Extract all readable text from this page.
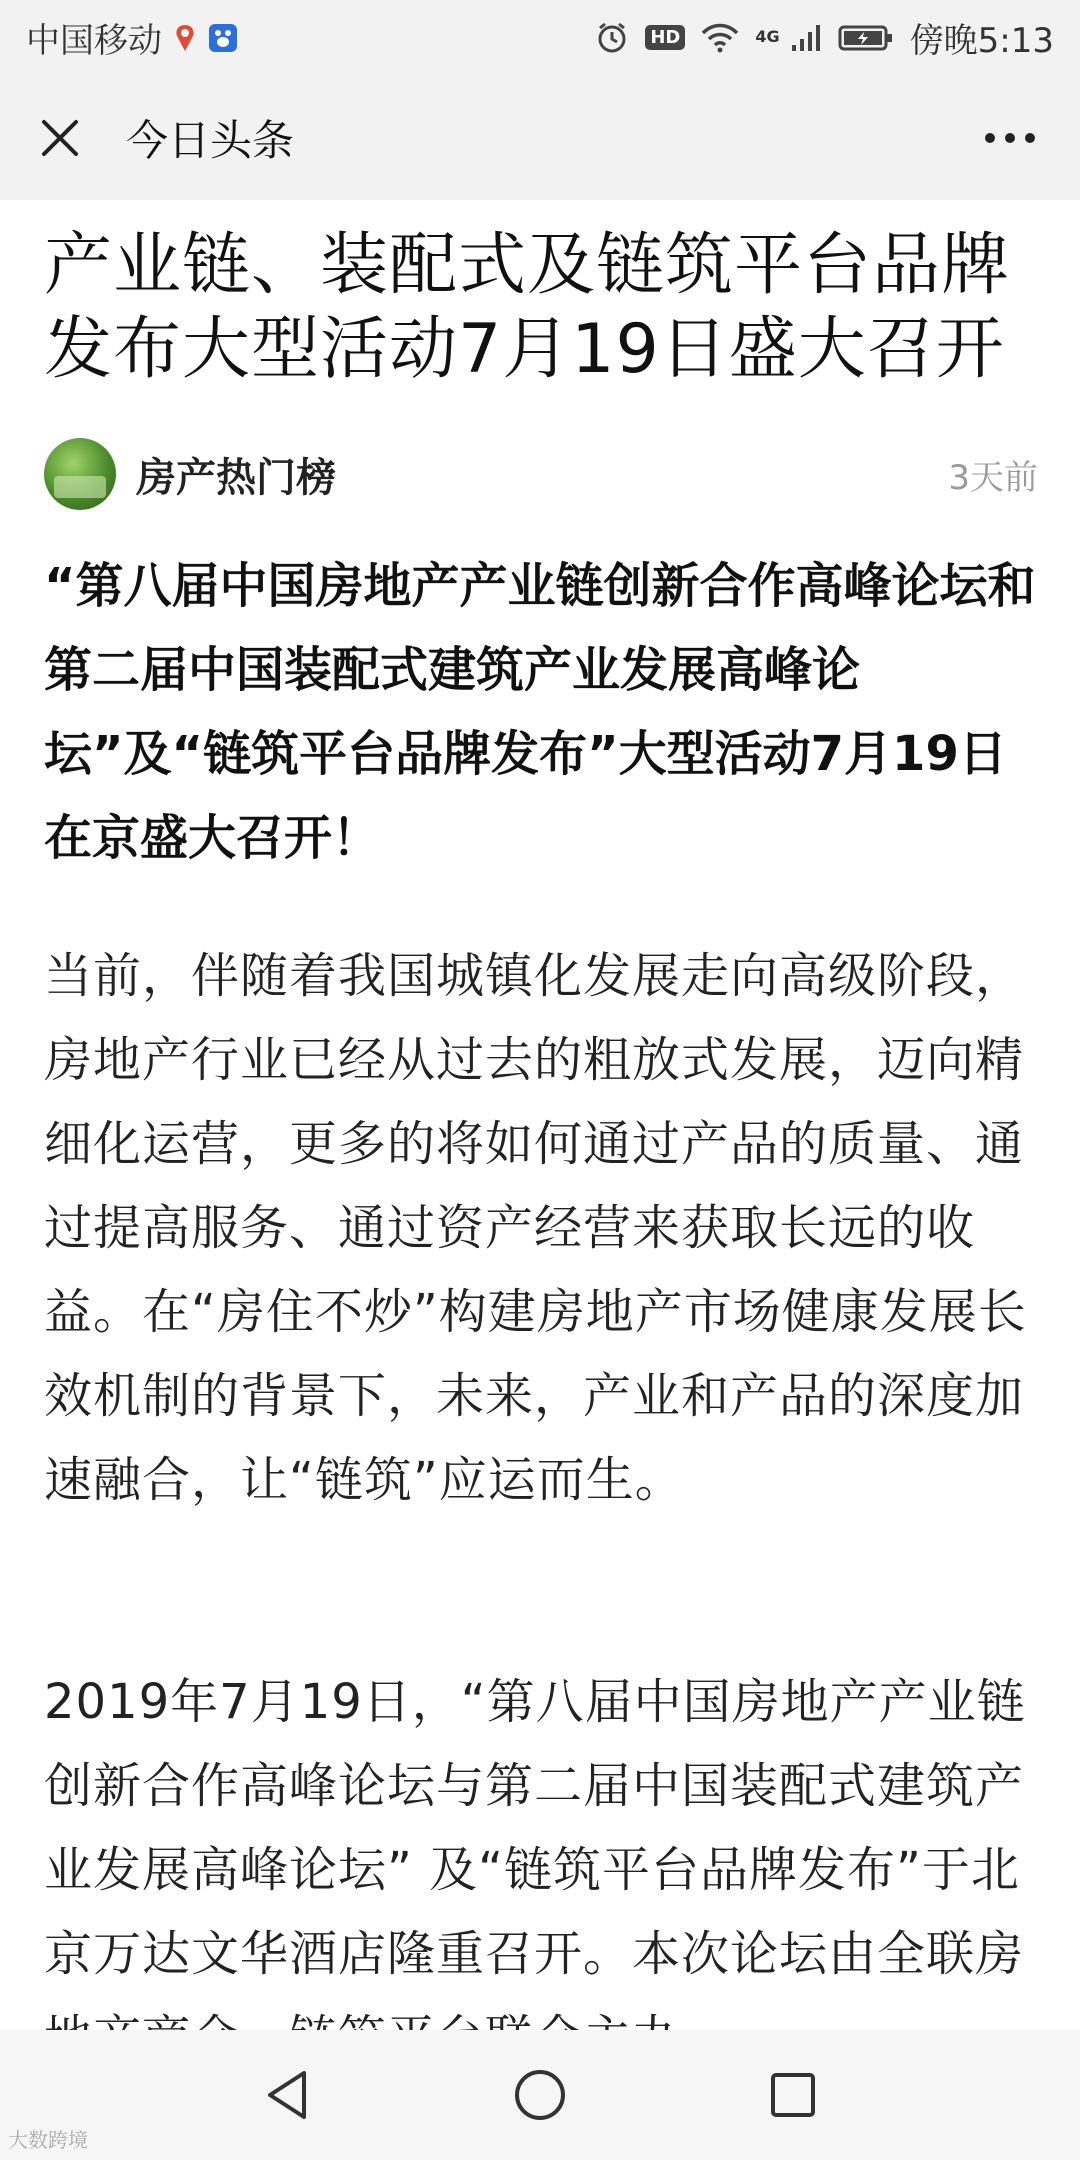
中国移动	HD	4G	傍晚5:13
今日头条
产业链、装配式及链筑平台品牌发布大型活动7月19日盛大召开
房产热门榜	3天前

“第八届中国房地产产业链创新合作高峰论坛和第二届中国装配式建筑产业发展高峰论坛”及“链筑平台品牌发布”大型活动7月19日在京盛大召开！

当前，伴随着我国城镇化发展走向高级阶段，房地产行业已经从过去的粗放式发展，迈向精细化运营，更多的将如何通过产品的质量、通过提高服务、通过资产经营来获取长远的收益。在“房住不炒”构建房地产市场健康发展长效机制的背景下，未来，产业和产品的深度加速融合，让“链筑”应运而生。

2019年7月19日，“第八届中国房地产产业链创新合作高峰论坛与第二届中国装配式建筑产业发展高峰论坛” 及“链筑平台品牌发布”于北京万达文华酒店隆重召开。本次论坛由全联房

大数跨境
